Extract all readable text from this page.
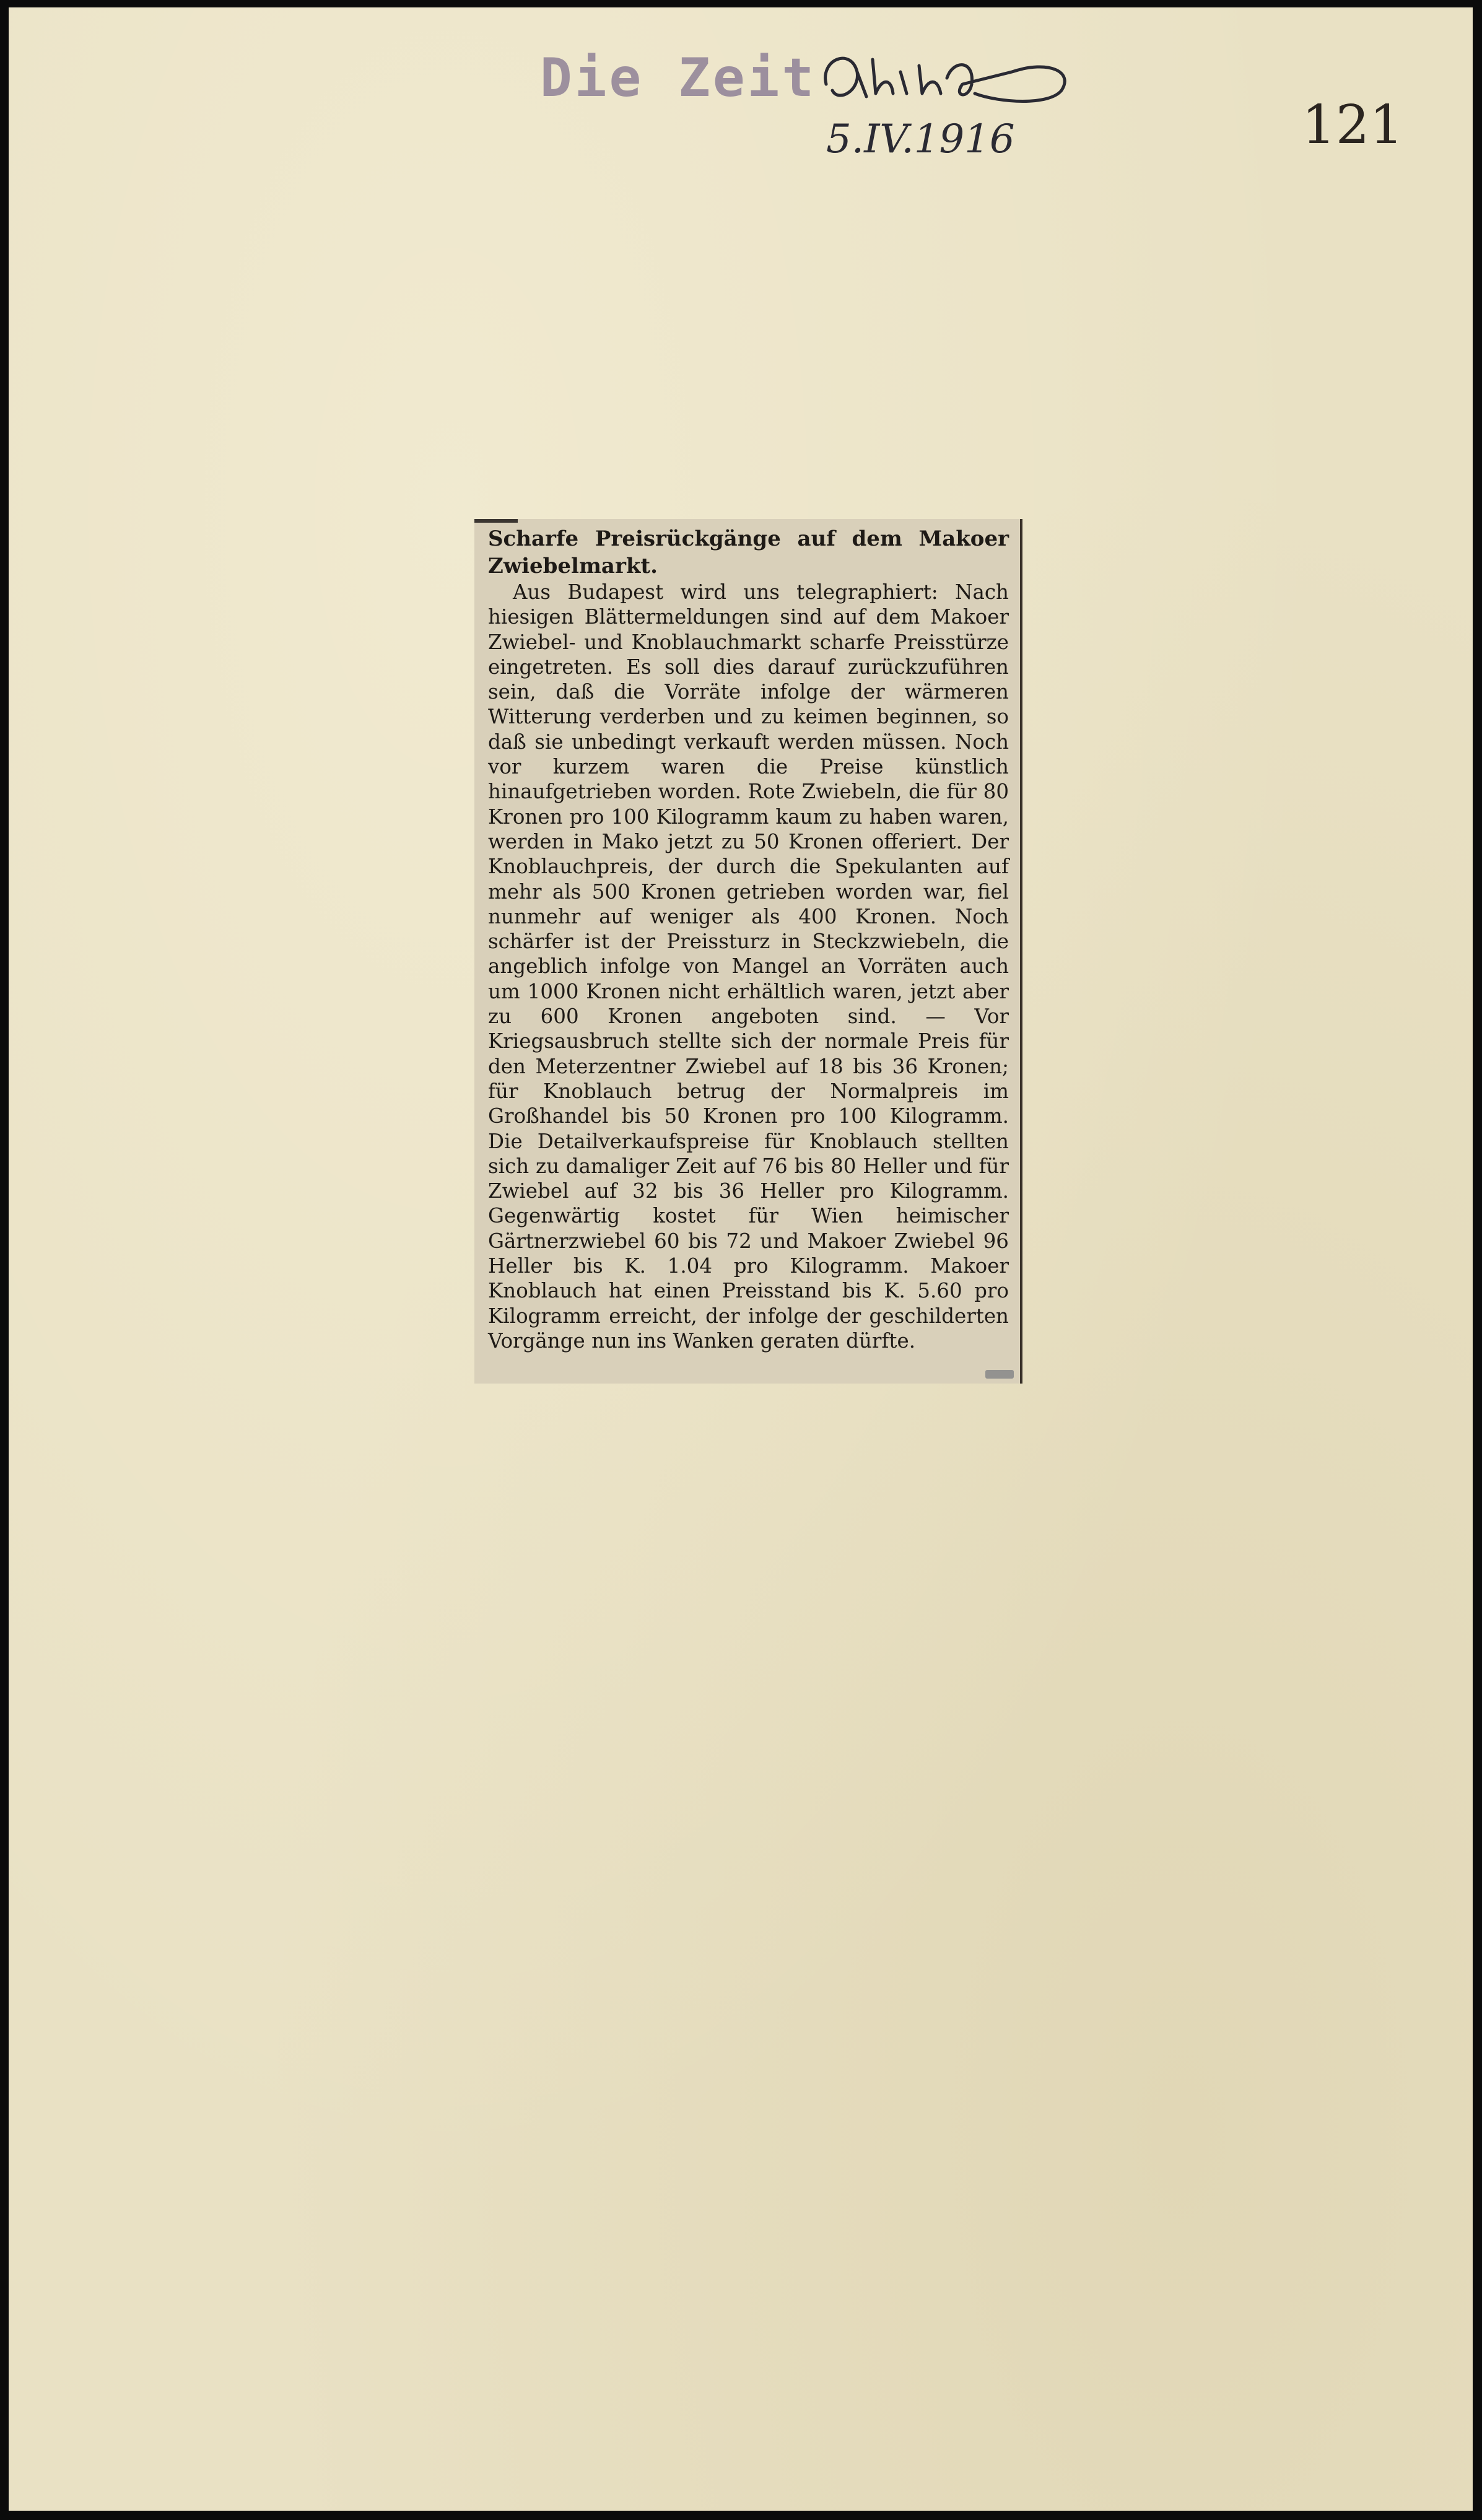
Die Zeit
5.IV.1916	121

Scharfe Preisrückgänge auf dem Makoer Zwiebelmarkt.

Aus Budapest wird uns telegraphiert: Nach hiesigen Blättermeldungen sind auf dem Makoer Zwiebel- und Knoblauchmarkt scharfe Preisstürze eingetreten. Es soll dies darauf zurückzuführen sein, daß die Vorräte infolge der wärmeren Witterung verderben und zu keimen beginnen, so daß sie unbedingt verkauft werden müssen. Noch vor kurzem waren die Preise künstlich hinaufgetrieben worden. Rote Zwiebeln, die für 80 Kronen pro 100 Kilogramm kaum zu haben waren, werden in Mako jetzt zu 50 Kronen offeriert. Der Knoblauchpreis, der durch die Spekulanten auf mehr als 500 Kronen getrieben worden war, fiel nunmehr auf weniger als 400 Kronen. Noch schärfer ist der Preissturz in Steckzwiebeln, die angeblich infolge von Mangel an Vorräten auch um 1000 Kronen nicht erhältlich waren, jetzt aber zu 600 Kronen angeboten sind. — Vor Kriegsausbruch stellte sich der normale Preis für den Meterzentner Zwiebel auf 18 bis 36 Kronen; für Knoblauch betrug der Normalpreis im Großhandel bis 50 Kronen pro 100 Kilogramm. Die Detailverkaufspreise für Knoblauch stellten sich zu damaliger Zeit auf 76 bis 80 Heller und für Zwiebel auf 32 bis 36 Heller pro Kilogramm. Gegenwärtig kostet für Wien heimischer Gärtnerzwiebel 60 bis 72 und Makoer Zwiebel 96 Heller bis K. 1.04 pro Kilogramm. Makoer Knoblauch hat einen Preisstand bis K. 5.60 pro Kilogramm erreicht, der infolge der geschilderten Vorgänge nun ins Wanken geraten dürfte.
